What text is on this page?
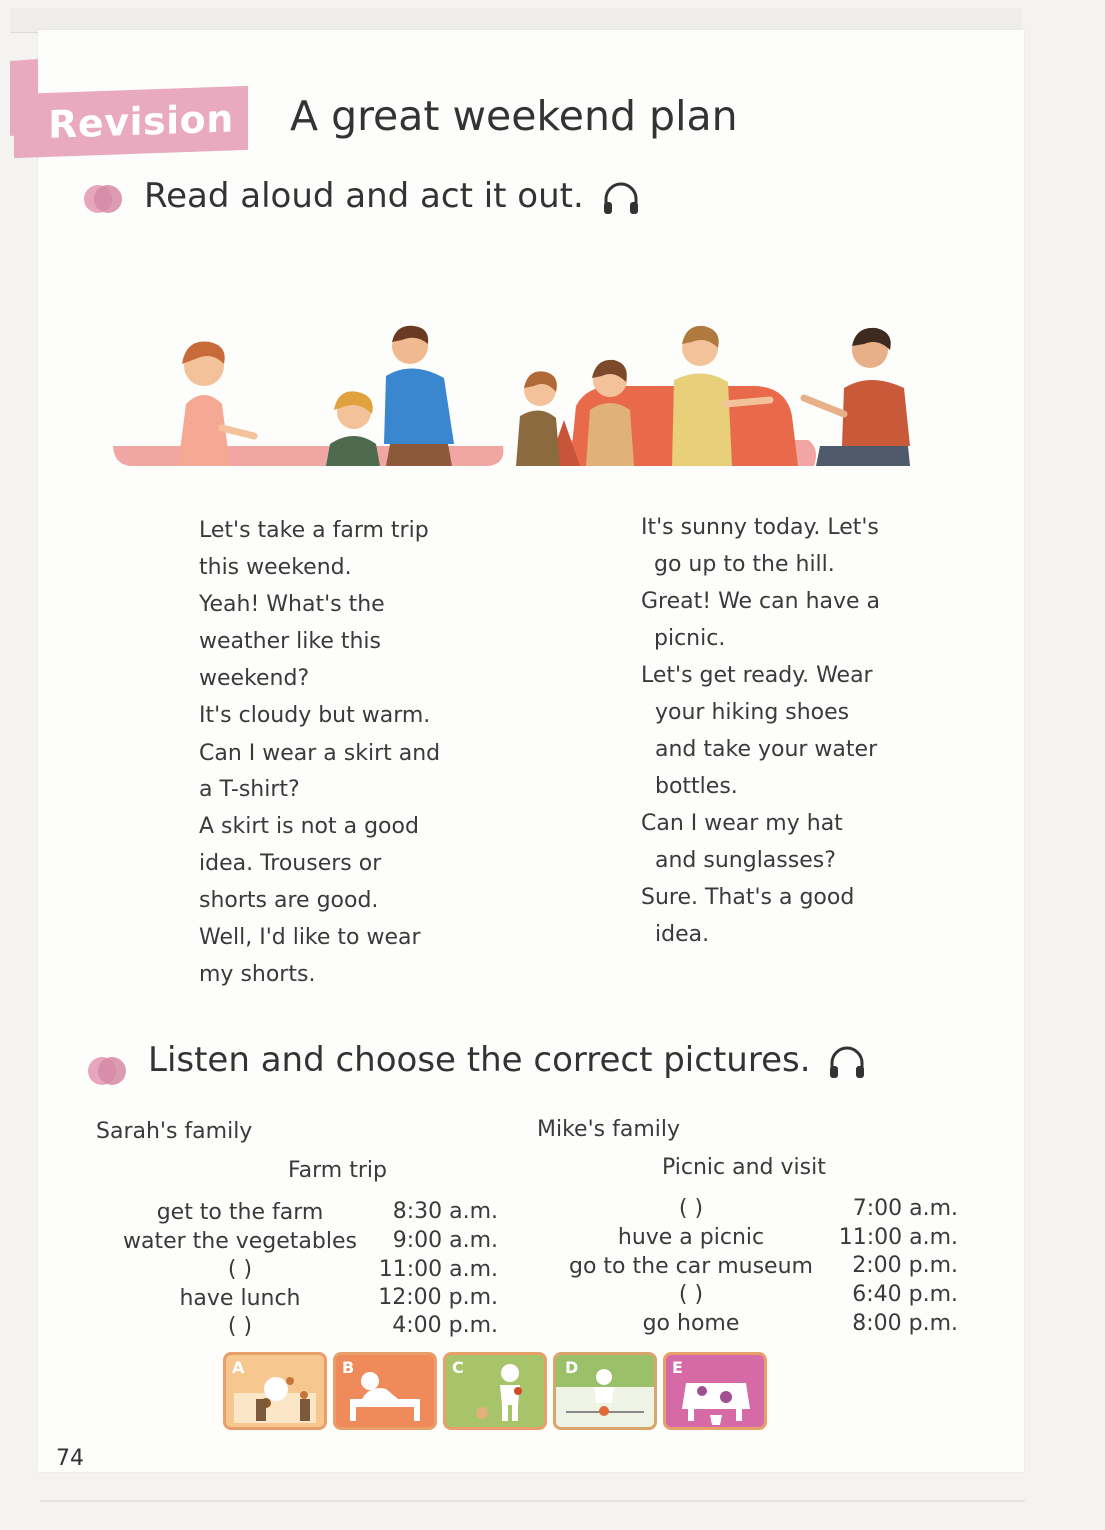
Revision A great weekend plan
Read aloud and act it out.
Let's take a farm trip
this weekend.
Yeah! What's the
weather like this
weekend?
It's cloudy but warm.
Can I wear a skirt and
a T-shirt?
A skirt is not a good
idea. Trousers or
shorts are good.
Well, I'd like to wear
my shorts.
It's sunny today. Let's
go up to the hill.
Great! We can have a
picnic.
Let's get ready. Wear
your hiking shoes
and take your water
bottles.
Can I wear my hat
and sunglasses?
Sure. That's a good
idea.
Listen and choose the correct pictures.
Sarah's family
Farm trip
get to the farm	8:30 a.m.
water the vegetables	9:00 a.m.
( )	11:00 a.m.
have lunch	12:00 p.m.
( )	4:00 p.m.
Mike's family
Picnic and visit
( )	7:00 a.m.
huve a picnic	11:00 a.m.
go to the car museum	2:00 p.m.
( )	6:40 p.m.
go home	8:00 p.m.
A	B	C	D	E
74
